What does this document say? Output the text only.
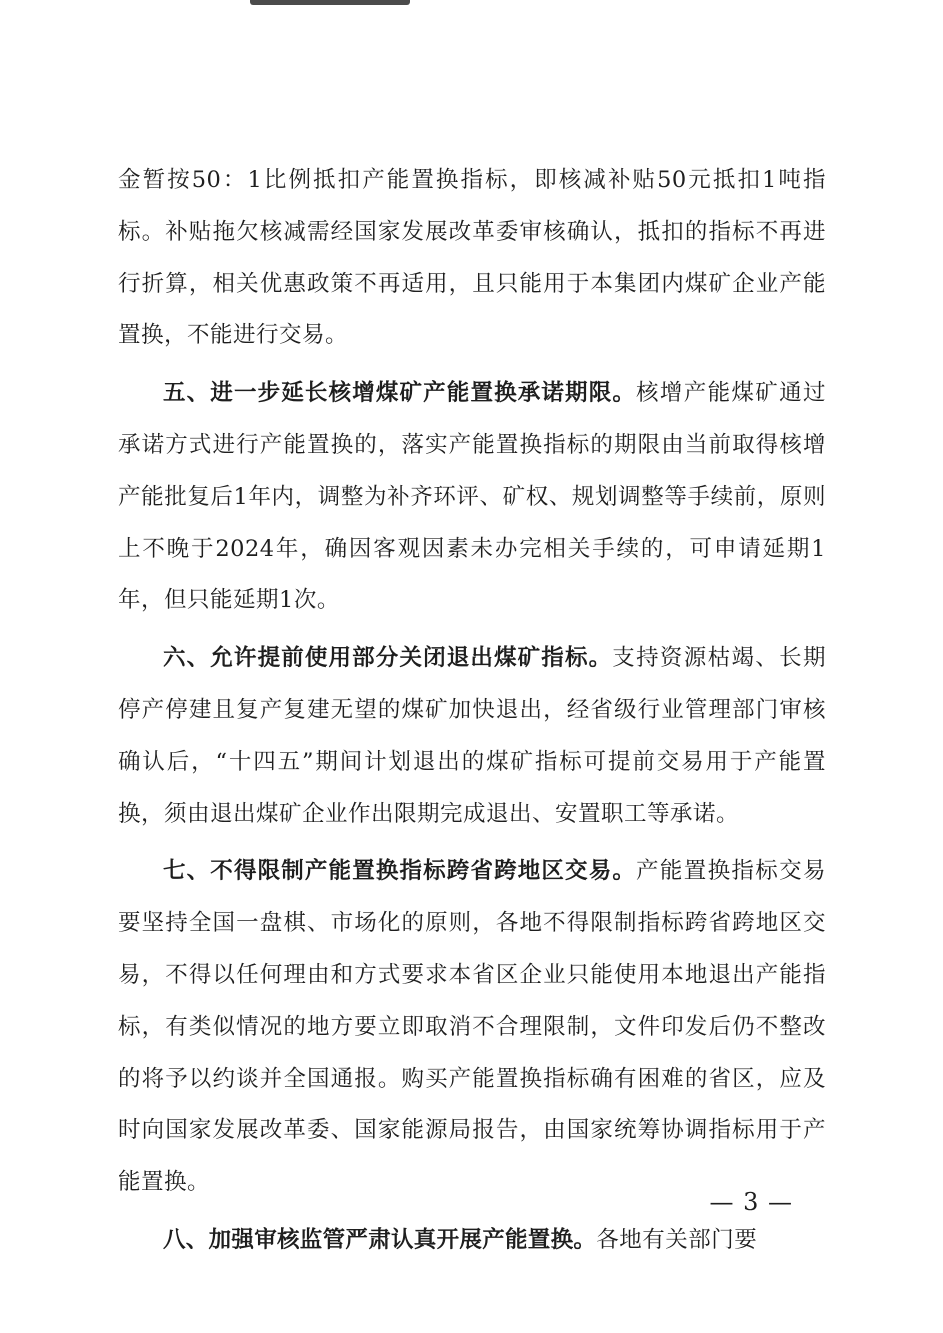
金暂按50：1比例抵扣产能置换指标，即核减补贴50元抵扣1吨指标。补贴拖欠核减需经国家发展改革委审核确认，抵扣的指标不再进行折算，相关优惠政策不再适用，且只能用于本集团内煤矿企业产能置换，不能进行交易。

五、进一步延长核增煤矿产能置换承诺期限。核增产能煤矿通过承诺方式进行产能置换的，落实产能置换指标的期限由当前取得核增产能批复后1年内，调整为补齐环评、矿权、规划调整等手续前，原则上不晚于2024年，确因客观因素未办完相关手续的，可申请延期1年，但只能延期1次。

六、允许提前使用部分关闭退出煤矿指标。支持资源枯竭、长期停产停建且复产复建无望的煤矿加快退出，经省级行业管理部门审核确认后，“十四五”期间计划退出的煤矿指标可提前交易用于产能置换，须由退出煤矿企业作出限期完成退出、安置职工等承诺。

七、不得限制产能置换指标跨省跨地区交易。产能置换指标交易要坚持全国一盘棋、市场化的原则，各地不得限制指标跨省跨地区交易，不得以任何理由和方式要求本省区企业只能使用本地退出产能指标，有类似情况的地方要立即取消不合理限制，文件印发后仍不整改的将予以约谈并全国通报。购买产能置换指标确有困难的省区，应及时向国家发展改革委、国家能源局报告，由国家统筹协调指标用于产能置换。

八、加强审核监管严肃认真开展产能置换。各地有关部门要

— 3 —
